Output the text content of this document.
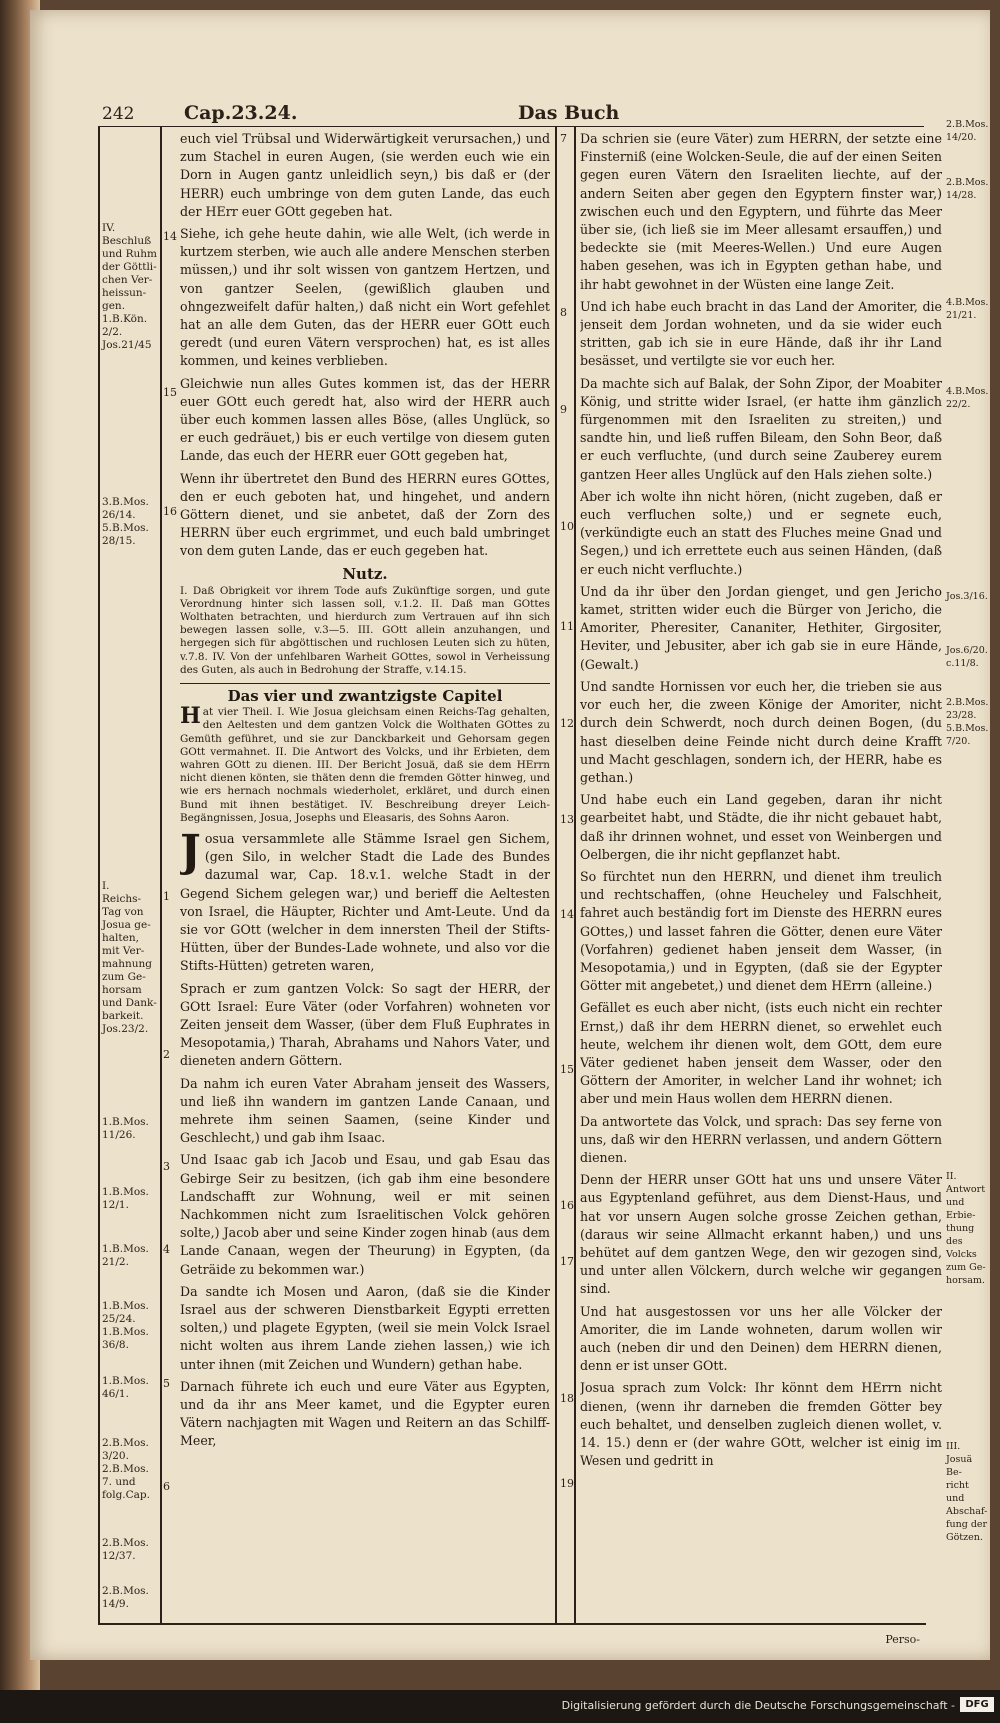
242	Cap.23.24.	Das Buch
IV.
Beschluß
und Ruhm
der Göttli-
chen Ver-
heissun-
gen.
1.B.Kön.
2/2.
Jos.21/45
3.B.Mos.
26/14.
5.B.Mos.
28/15.
I.
Reichs-
Tag von
Josua ge-
halten,
mit Ver-
mahnung
zum Ge-
horsam
und Dank-
barkeit.
Jos.23/2.
1.B.Mos.
11/26.
1.B.Mos.
12/1.
1.B.Mos.
21/2.
1.B.Mos.
25/24.
1.B.Mos.
36/8.
1.B.Mos.
46/1.
2.B.Mos.
3/20.
2.B.Mos.
7. und
folg.Cap.
2.B.Mos.
12/37.
2.B.Mos.
14/9.
14
15
16
1
2
3
4
5
6

euch viel Trübsal und Widerwärtigkeit verursachen,) und zum Stachel in euren Augen, (sie werden euch wie ein Dorn in Augen gantz unleidlich seyn,) bis daß er (der HERR) euch umbringe von dem guten Lande, das euch der HErr euer GOtt gegeben hat.

Siehe, ich gehe heute dahin, wie alle Welt, (ich werde in kurtzem sterben, wie auch alle andere Menschen sterben müssen,) und ihr solt wissen von gantzem Hertzen, und von gantzer Seelen, (gewißlich glauben und ohngezweifelt dafür halten,) daß nicht ein Wort gefehlet hat an alle dem Guten, das der HERR euer GOtt euch geredt (und euren Vätern versprochen) hat, es ist alles kommen, und keines verblieben.

Gleichwie nun alles Gutes kommen ist, das der HERR euer GOtt euch geredt hat, also wird der HERR auch über euch kommen lassen alles Böse, (alles Unglück, so er euch gedräuet,) bis er euch vertilge von diesem guten Lande, das euch der HERR euer GOtt gegeben hat,

Wenn ihr übertretet den Bund des HERRN eures GOttes, den er euch geboten hat, und hingehet, und andern Göttern dienet, und sie anbetet, daß der Zorn des HERRN über euch ergrimmet, und euch bald umbringet von dem guten Lande, das er euch gegeben hat.

Nutz.
I. Daß Obrigkeit vor ihrem Tode aufs Zukünftige sorgen, und gute Verordnung hinter sich lassen soll, v.1.2. II. Daß man GOttes Wolthaten betrachten, und hierdurch zum Vertrauen auf ihn sich bewegen lassen solle, v.3—5. III. GOtt allein anzuhangen, und hergegen sich für abgöttischen und ruchlosen Leuten sich zu hüten, v.7.8. IV. Von der unfehlbaren Warheit GOttes, sowol in Verheissung des Guten, als auch in Bedrohung der Straffe, v.14.15.
Das vier und zwantzigste Capitel
Hat vier Theil. I. Wie Josua gleichsam einen Reichs-Tag gehalten, den Aeltesten und dem gantzen Volck die Wolthaten GOttes zu Gemüth geführet, und sie zur Danckbarkeit und Gehorsam gegen GOtt vermahnet. II. Die Antwort des Volcks, und ihr Erbieten, dem wahren GOtt zu dienen. III. Der Bericht Josuä, daß sie dem HErrn nicht dienen könten, sie thäten denn die fremden Götter hinweg, und wie ers hernach nochmals wiederholet, erkläret, und durch einen Bund mit ihnen bestätiget. IV. Beschreibung dreyer Leich-Begängnissen, Josua, Josephs und Eleasaris, des Sohns Aaron.

Josua versammlete alle Stämme Israel gen Sichem, (gen Silo, in welcher Stadt die Lade des Bundes dazumal war, Cap. 18.v.1. welche Stadt in der Gegend Sichem gelegen war,) und berieff die Aeltesten von Israel, die Häupter, Richter und Amt-Leute. Und da sie vor GOtt (welcher in dem innersten Theil der Stifts-Hütten, über der Bundes-Lade wohnete, und also vor die Stifts-Hütten) getreten waren,

Sprach er zum gantzen Volck: So sagt der HERR, der GOtt Israel: Eure Väter (oder Vorfahren) wohneten vor Zeiten jenseit dem Wasser, (über dem Fluß Euphrates in Mesopotamia,) Tharah, Abrahams und Nahors Vater, und dieneten andern Göttern.

Da nahm ich euren Vater Abraham jenseit des Wassers, und ließ ihn wandern im gantzen Lande Canaan, und mehrete ihm seinen Saamen, (seine Kinder und Geschlecht,) und gab ihm Isaac.

Und Isaac gab ich Jacob und Esau, und gab Esau das Gebirge Seir zu besitzen, (ich gab ihm eine besondere Landschafft zur Wohnung, weil er mit seinen Nachkommen nicht zum Israelitischen Volck gehören solte,) Jacob aber und seine Kinder zogen hinab (aus dem Lande Canaan, wegen der Theurung) in Egypten, (da Geträide zu bekommen war.)

Da sandte ich Mosen und Aaron, (daß sie die Kinder Israel aus der schweren Dienstbarkeit Egypti erretten solten,) und plagete Egypten, (weil sie mein Volck Israel nicht wolten aus ihrem Lande ziehen lassen,) wie ich unter ihnen (mit Zeichen und Wundern) gethan habe.

Darnach führete ich euch und eure Väter aus Egypten, und da ihr ans Meer kamet, und die Egypter euren Vätern nachjagten mit Wagen und Reitern an das Schilff-Meer,

7
8
9
10
11
12
13
14
15
16
17
18
19

Da schrien sie (eure Väter) zum HERRN, der setzte eine Finsterniß (eine Wolcken-Seule, die auf der einen Seiten gegen euren Vätern den Israeliten liechte, auf der andern Seiten aber gegen den Egyptern finster war,) zwischen euch und den Egyptern, und führte das Meer über sie, (ich ließ sie im Meer allesamt ersauffen,) und bedeckte sie (mit Meeres-Wellen.) Und eure Augen haben gesehen, was ich in Egypten gethan habe, und ihr habt gewohnet in der Wüsten eine lange Zeit.

Und ich habe euch bracht in das Land der Amoriter, die jenseit dem Jordan wohneten, und da sie wider euch stritten, gab ich sie in eure Hände, daß ihr ihr Land besässet, und vertilgte sie vor euch her.

Da machte sich auf Balak, der Sohn Zipor, der Moabiter König, und stritte wider Israel, (er hatte ihm gänzlich fürgenommen mit den Israeliten zu streiten,) und sandte hin, und ließ ruffen Bileam, den Sohn Beor, daß er euch verfluchte, (und durch seine Zauberey eurem gantzen Heer alles Unglück auf den Hals ziehen solte.)

Aber ich wolte ihn nicht hören, (nicht zugeben, daß er euch verfluchen solte,) und er segnete euch, (verkündigte euch an statt des Fluches meine Gnad und Segen,) und ich errettete euch aus seinen Händen, (daß er euch nicht verfluchte.)

Und da ihr über den Jordan gienget, und gen Jericho kamet, stritten wider euch die Bürger von Jericho, die Amoriter, Pheresiter, Cananiter, Hethiter, Girgositer, Heviter, und Jebusiter, aber ich gab sie in eure Hände, (Gewalt.)

Und sandte Hornissen vor euch her, die trieben sie aus vor euch her, die zween Könige der Amoriter, nicht durch dein Schwerdt, noch durch deinen Bogen, (du hast dieselben deine Feinde nicht durch deine Krafft und Macht geschlagen, sondern ich, der HERR, habe es gethan.)

Und habe euch ein Land gegeben, daran ihr nicht gearbeitet habt, und Städte, die ihr nicht gebauet habt, daß ihr drinnen wohnet, und esset von Weinbergen und Oelbergen, die ihr nicht gepflanzet habt.

So fürchtet nun den HERRN, und dienet ihm treulich und rechtschaffen, (ohne Heucheley und Falschheit, fahret auch beständig fort im Dienste des HERRN eures GOttes,) und lasset fahren die Götter, denen eure Väter (Vorfahren) gedienet haben jenseit dem Wasser, (in Mesopotamia,) und in Egypten, (daß sie der Egypter Götter mit angebetet,) und dienet dem HErrn (alleine.)

Gefället es euch aber nicht, (ists euch nicht ein rechter Ernst,) daß ihr dem HERRN dienet, so erwehlet euch heute, welchem ihr dienen wolt, dem GOtt, dem eure Väter gedienet haben jenseit dem Wasser, oder den Göttern der Amoriter, in welcher Land ihr wohnet; ich aber und mein Haus wollen dem HERRN dienen.

Da antwortete das Volck, und sprach: Das sey ferne von uns, daß wir den HERRN verlassen, und andern Göttern dienen.

Denn der HERR unser GOtt hat uns und unsere Väter aus Egyptenland geführet, aus dem Dienst-Haus, und hat vor unsern Augen solche grosse Zeichen gethan, (daraus wir seine Allmacht erkannt haben,) und uns behütet auf dem gantzen Wege, den wir gezogen sind, und unter allen Völckern, durch welche wir gegangen sind.

Und hat ausgestossen vor uns her alle Völcker der Amoriter, die im Lande wohneten, darum wollen wir auch (neben dir und den Deinen) dem HERRN dienen, denn er ist unser GOtt.

Josua sprach zum Volck: Ihr könnt dem HErrn nicht dienen, (wenn ihr darneben die fremden Götter bey euch behaltet, und denselben zugleich dienen wollet, v. 14. 15.) denn er (der wahre GOtt, welcher ist einig im Wesen und gedritt in

2.B.Mos.
14/20.
2.B.Mos.
14/28.
4.B.Mos.
21/21.
4.B.Mos.
22/2.
Jos.3/16.
Jos.6/20.
c.11/8.
2.B.Mos.
23/28.
5.B.Mos.
7/20.
II.
Antwort
und Erbie-
thung
des Volcks
zum Ge-
horsam.
III.
Josuä Be-
richt und
Abschaf-
fung der
Götzen.
Perso-
Digitalisierung gefördert durch die Deutsche Forschungsgemeinschaft -	DFG
